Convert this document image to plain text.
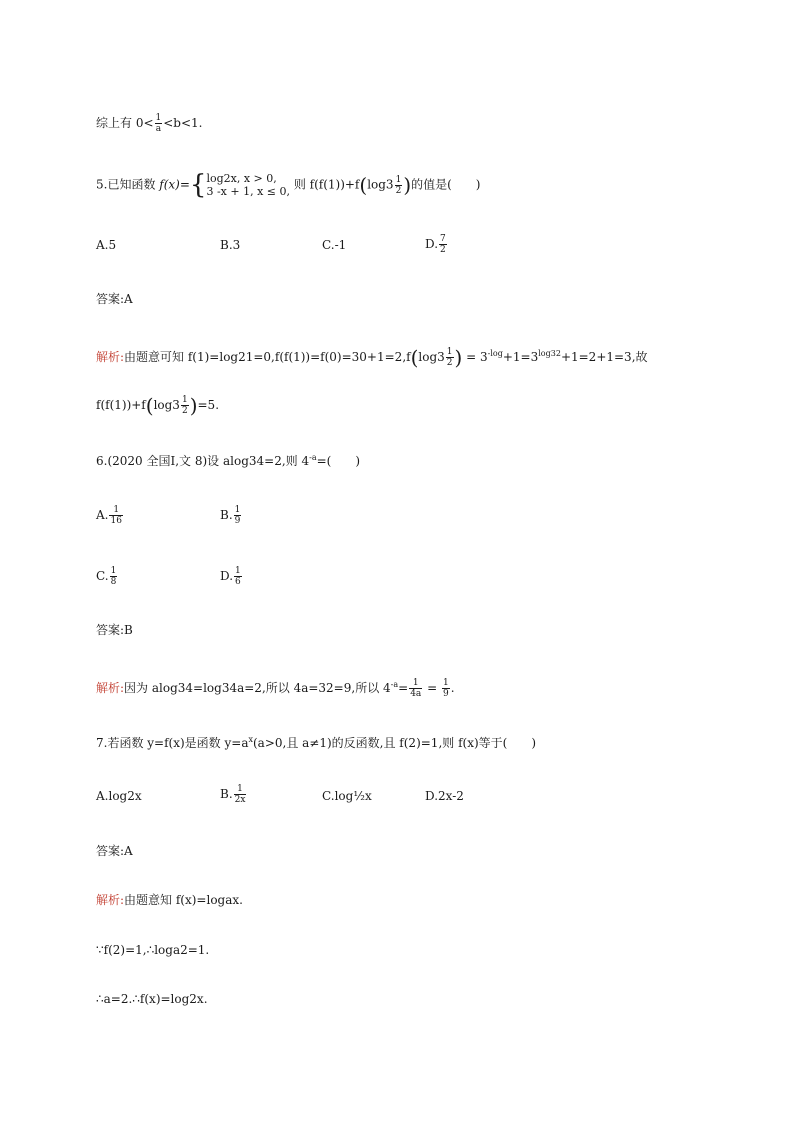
综上有 $0< \frac{1}{a} <b<1$.
5.已知函数 f(x)={ log2x, x > 0,
3 -x + 1, x ≤ 0, 则 $f(f(1))+f(\log 3 \frac{1}{2}$ )的值是(　　)
A.5	B.3	C.-1	D. $\frac{7}{2}$
答案:A
解析:由题意可知 $f(1)=\log 21=0,f(f(1))=f(0)=30+1=2,f(\log 3 \frac{1}{2}$ ) = $3^{-log}+1=3^{log32}+1=2+1=3$,故
$f(f(1))+f(\log 3 \frac{1}{2} )=5$.
6.(2020 全国Ⅰ,文 8)设 alog34=2,则 $4^{-a}=$(　　)
A. $\frac{1}{16}$	B. $\frac{1}{9}$
C. $\frac{1}{8}$	D. $\frac{1}{6}$
答案:B
解析:因为 alog34=log34a=2,所以 4a=32=9,所以 $4^{-a}= \frac{1}{4a} = \frac{1}{9}$ .
7.若函数 y=f(x)是函数 $y=a^x(a>0$,且 a≠1)的反函数,且 f(2)=1,则 f(x)等于(　　)
A.log2x	B. $\frac{1}{2x}$	C.log½x	D.2x-2
答案:A
解析:由题意知 f(x)=logax.
∵f(2)=1,∴loga2=1.
∴a=2.∴f(x)=log2x.
